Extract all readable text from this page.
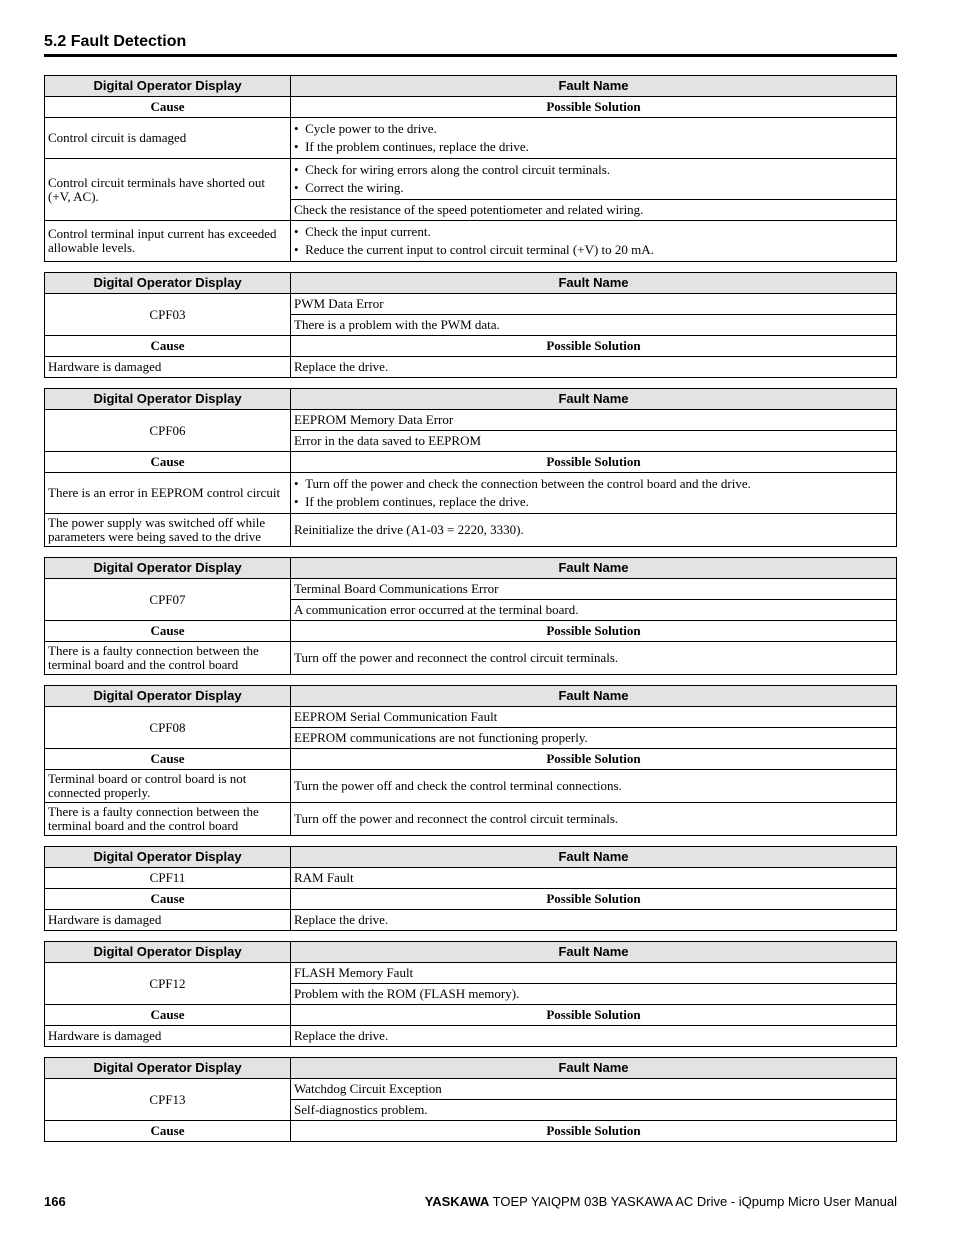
5.2 Fault Detection
Digital Operator Display	Fault Name
Cause	Possible Solution
Control circuit is damaged	•  Cycle power to the drive.
•  If the problem continues, replace the drive.

Control circuit terminals have shorted out (+V, AC).	•  Check for wiring errors along the control circuit terminals.
•  Correct the wiring.

	Check the resistance of the speed potentiometer and related wiring.
Control terminal input current has exceeded allowable levels.	•  Check the input current.
•  Reduce the current input to control circuit terminal (+V) to 20 mA.
Digital Operator Display	Fault Name
CPF03	PWM Data Error
	There is a problem with the PWM data.
Cause	Possible Solution
Hardware is damaged	Replace the drive.
Digital Operator Display	Fault Name
CPF06	EEPROM Memory Data Error
	Error in the data saved to EEPROM
Cause	Possible Solution
There is an error in EEPROM control circuit	•  Turn off the power and check the connection between the control board and the drive.
•  If the problem continues, replace the drive.

The power supply was switched off while parameters were being saved to the drive	Reinitialize the drive (A1-03 = 2220, 3330).
Digital Operator Display	Fault Name
CPF07	Terminal Board Communications Error
	A communication error occurred at the terminal board.
Cause	Possible Solution
There is a faulty connection between the terminal board and the control board	Turn off the power and reconnect the control circuit terminals.
Digital Operator Display	Fault Name
CPF08	EEPROM Serial Communication Fault
	EEPROM communications are not functioning properly.
Cause	Possible Solution
Terminal board or control board is not connected properly.	Turn the power off and check the control terminal connections.
There is a faulty connection between the terminal board and the control board	Turn off the power and reconnect the control circuit terminals.
Digital Operator Display	Fault Name
CPF11	RAM Fault
Cause	Possible Solution
Hardware is damaged	Replace the drive.
Digital Operator Display	Fault Name
CPF12	FLASH Memory Fault
	Problem with the ROM (FLASH memory).
Cause	Possible Solution
Hardware is damaged	Replace the drive.
Digital Operator Display	Fault Name
CPF13	Watchdog Circuit Exception
	Self-diagnostics problem.
Cause	Possible Solution
166	YASKAWA TOEP YAIQPM 03B YASKAWA AC Drive - iQpump Micro User Manual
